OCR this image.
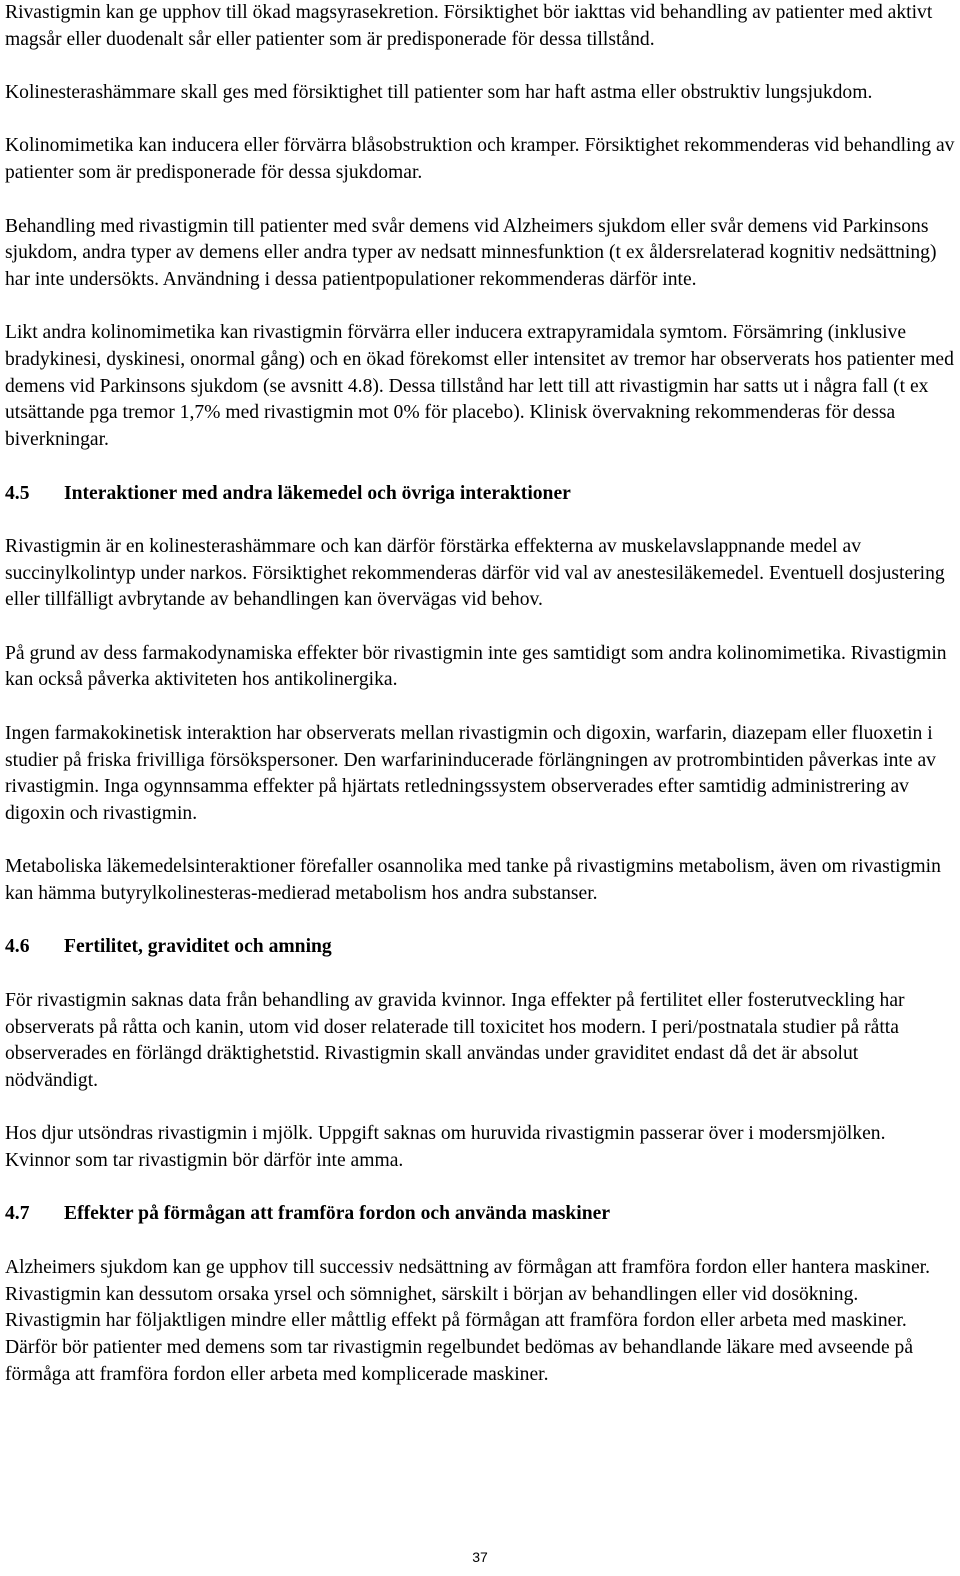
Rivastigmin kan ge upphov till ökad magsyrasekretion. Försiktighet bör iakttas vid behandling av patienter med aktivt magsår eller duodenalt sår eller patienter som är predisponerade för dessa tillstånd.

Kolinesterashämmare skall ges med försiktighet till patienter som har haft astma eller obstruktiv lungsjukdom.

Kolinomimetika kan inducera eller förvärra blåsobstruktion och kramper. Försiktighet rekommenderas vid behandling av patienter som är predisponerade för dessa sjukdomar.

Behandling med rivastigmin till patienter med svår demens vid Alzheimers sjukdom eller svår demens vid Parkinsons sjukdom, andra typer av demens eller andra typer av nedsatt minnesfunktion (t ex åldersrelaterad kognitiv nedsättning) har inte undersökts. Användning i dessa patientpopulationer rekommenderas därför inte.

Likt andra kolinomimetika kan rivastigmin förvärra eller inducera extrapyramidala symtom. Försämring (inklusive bradykinesi, dyskinesi, onormal gång) och en ökad förekomst eller intensitet av tremor har observerats hos patienter med demens vid Parkinsons sjukdom (se avsnitt 4.8). Dessa tillstånd har lett till att rivastigmin har satts ut i några fall (t ex utsättande pga tremor 1,7% med rivastigmin mot 0% för placebo). Klinisk övervakning rekommenderas för dessa biverkningar.

4.5	Interaktioner med andra läkemedel och övriga interaktioner

Rivastigmin är en kolinesterashämmare och kan därför förstärka effekterna av muskelavslappnande medel av succinylkolintyp under narkos. Försiktighet rekommenderas därför vid val av anestesiläkemedel. Eventuell dosjustering eller tillfälligt avbrytande av behandlingen kan övervägas vid behov.

På grund av dess farmakodynamiska effekter bör rivastigmin inte ges samtidigt som andra kolinomimetika. Rivastigmin kan också påverka aktiviteten hos antikolinergika.

Ingen farmakokinetisk interaktion har observerats mellan rivastigmin och digoxin, warfarin, diazepam eller fluoxetin i studier på friska frivilliga försökspersoner. Den warfarininducerade förlängningen av protrombintiden påverkas inte av rivastigmin. Inga ogynnsamma effekter på hjärtats retledningssystem observerades efter samtidig administrering av digoxin och rivastigmin.

Metaboliska läkemedelsinteraktioner förefaller osannolika med tanke på rivastigmins metabolism, även om rivastigmin kan hämma butyrylkolinesteras-medierad metabolism hos andra substanser.

4.6	Fertilitet, graviditet och amning

För rivastigmin saknas data från behandling av gravida kvinnor. Inga effekter på fertilitet eller fosterutveckling har observerats på råtta och kanin, utom vid doser relaterade till toxicitet hos modern. I peri/postnatala studier på råtta observerades en förlängd dräktighetstid. Rivastigmin skall användas under graviditet endast då det är absolut nödvändigt.

Hos djur utsöndras rivastigmin i mjölk. Uppgift saknas om huruvida rivastigmin passerar över i modersmjölken. Kvinnor som tar rivastigmin bör därför inte amma.

4.7	Effekter på förmågan att framföra fordon och använda maskiner

Alzheimers sjukdom kan ge upphov till successiv nedsättning av förmågan att framföra fordon eller hantera maskiner. Rivastigmin kan dessutom orsaka yrsel och sömnighet, särskilt i början av behandlingen eller vid dosökning. Rivastigmin har följaktligen mindre eller måttlig effekt på förmågan att framföra fordon eller arbeta med maskiner. Därför bör patienter med demens som tar rivastigmin regelbundet bedömas av behandlande läkare med avseende på förmåga att framföra fordon eller arbeta med komplicerade maskiner.

37
